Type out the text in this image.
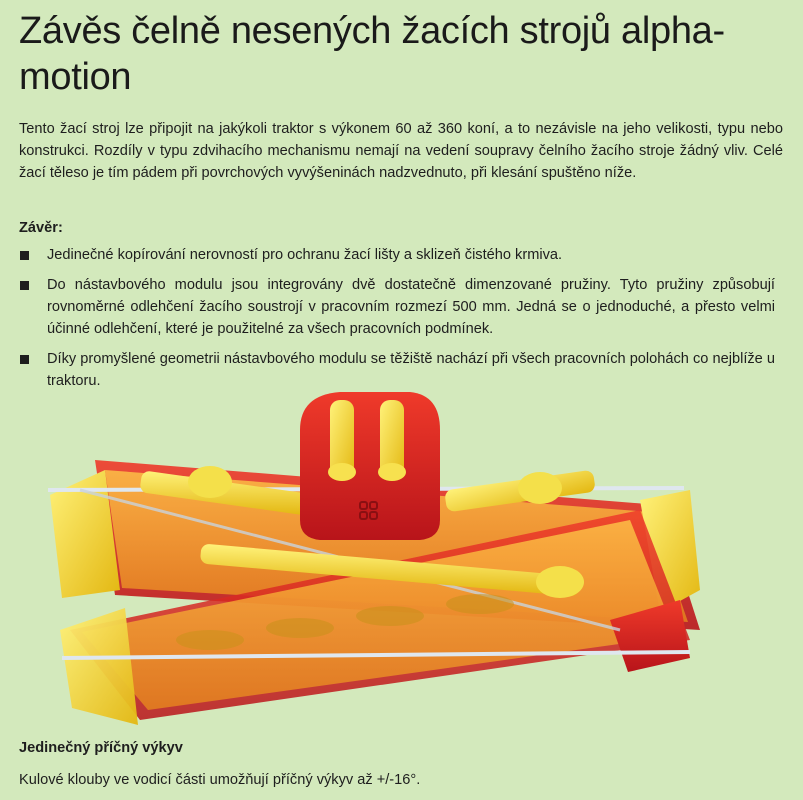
Závěs čelně nesených žacích strojů alpha-motion

Tento žací stroj lze připojit na jakýkoli traktor s výkonem 60 až 360 koní, a to nezávisle na jeho velikosti, typu nebo konstrukci. Rozdíly v typu zdvihacího mechanismu nemají na vedení soupravy čelního žacího stroje žádný vliv. Celé žací těleso je tím pádem při povrchových vyvýšeninách nadzvednuto, při klesání spuštěno níže.

Závěr:

Jedinečné kopírování nerovností pro ochranu žací lišty a sklizeň čistého krmiva.
Do nástavbového modulu jsou integrovány dvě dostatečně dimenzované pružiny. Tyto pružiny způsobují rovnoměrné odlehčení žacího soustrojí v pracovním rozmezí 500 mm. Jedná se o jednoduché, a přesto velmi účinné odlehčení, které je použitelné za všech pracovních podmínek.
Díky promyšlené geometrii nástavbového modulu se těžiště nachází při všech pracovních polohách co nejblíže u traktoru.

Jedinečný příčný výkyv

Kulové klouby ve vodicí části umožňují příčný výkyv až +/-16°.
